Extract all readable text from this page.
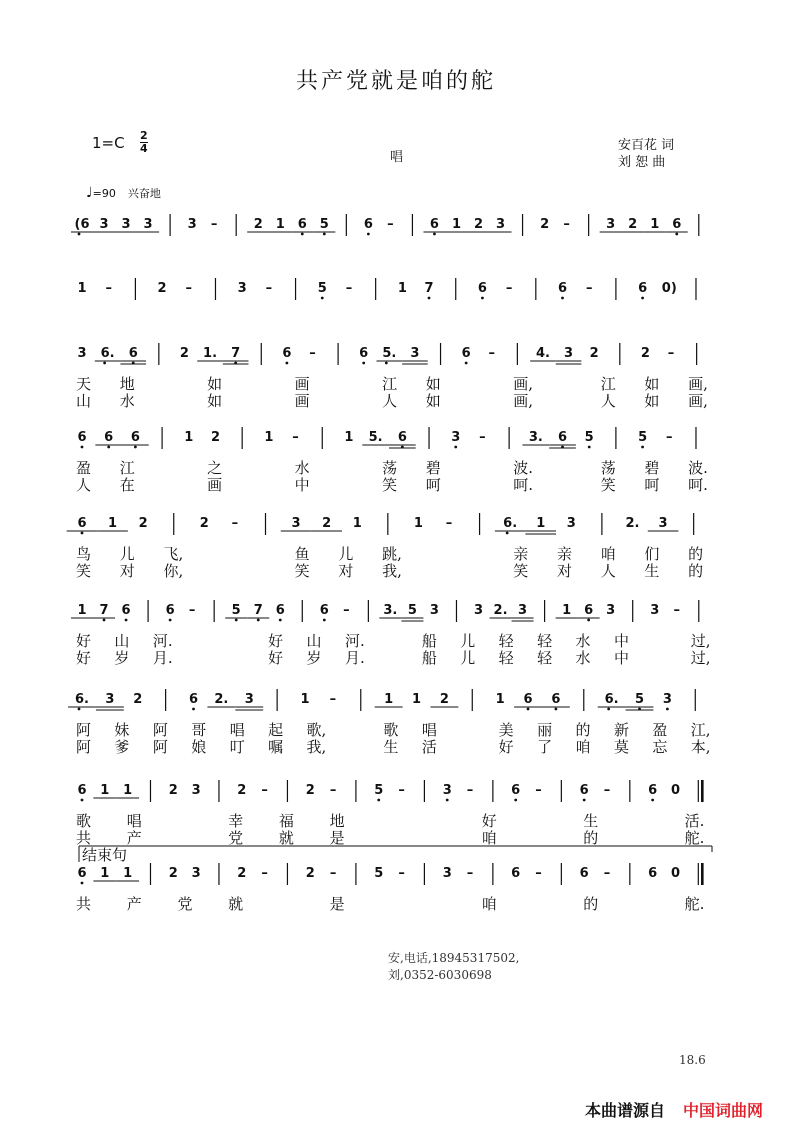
共产党就是咱的舵
1=C 2
4
唱
安百花 词
刘 恕 曲
♩=90 兴奋地
(6 3 3 3	3 –	2 1 6 5	6 –	6 1 2 3	2 –	3 2 1 6
1 –	2 –	3 –	5 –	1 7	6 –	6 –	6 0)
3 6. 6	2 1. 7	6 –	6 5. 3	6 –	4. 3 2	2 –
天 地	如	画	江 如	画,	江 如 画,
山 水	如	画	人 如	画,	人 如 画,
6 6 6	1 2	1 –	1 5. 6	3 –	3. 6 5	5 –
盈 江	之	水	荡 碧	波.	荡 碧 波.
人 在	画	中	笑 呵	呵.	笑 呵 呵.
6 1 2	2 –	3 2 1	1 –	6. 1 3	2. 3
鸟 儿 飞,	鱼 儿 跳,	亲 亲 咱 们 的
笑 对 你,	笑 对 我,	笑 对 人 生 的
1 7 6	6 –	5 7 6	6 –	3. 5 3	3 2. 3	1 6 3	3 –
好 山 河.	好 山 河.	船 儿 轻 轻 水 中	过,
好 岁 月.	好 岁 月.	船 儿 轻 轻 水 中	过,
6. 3 2	6 2. 3	1 –	1 1 2	1 6 6	6. 5 3
阿 妹 阿 哥 唱 起 歌,	歌 唱	美 丽 的 新 盈 江,
阿 爹 阿 娘 叮 嘱 我,	生 活	好 了 咱 莫 忘 本,
6 1 1	2 3	2 –	2 –	5 –	3 –	6 –	6 –	6 0
歌 唱	幸 福 地	好	生	活.
共 产	党 就 是	咱	的	舵.
6 1 1	2 3	2 –	2 –	5 –	3 –	6 –	6 –	6 0
共 产 党 就	是	咱	的	舵.
结束句
安,电话,18945317502,
刘,0352-6030698
18.6
本曲谱源自 中国词曲网
